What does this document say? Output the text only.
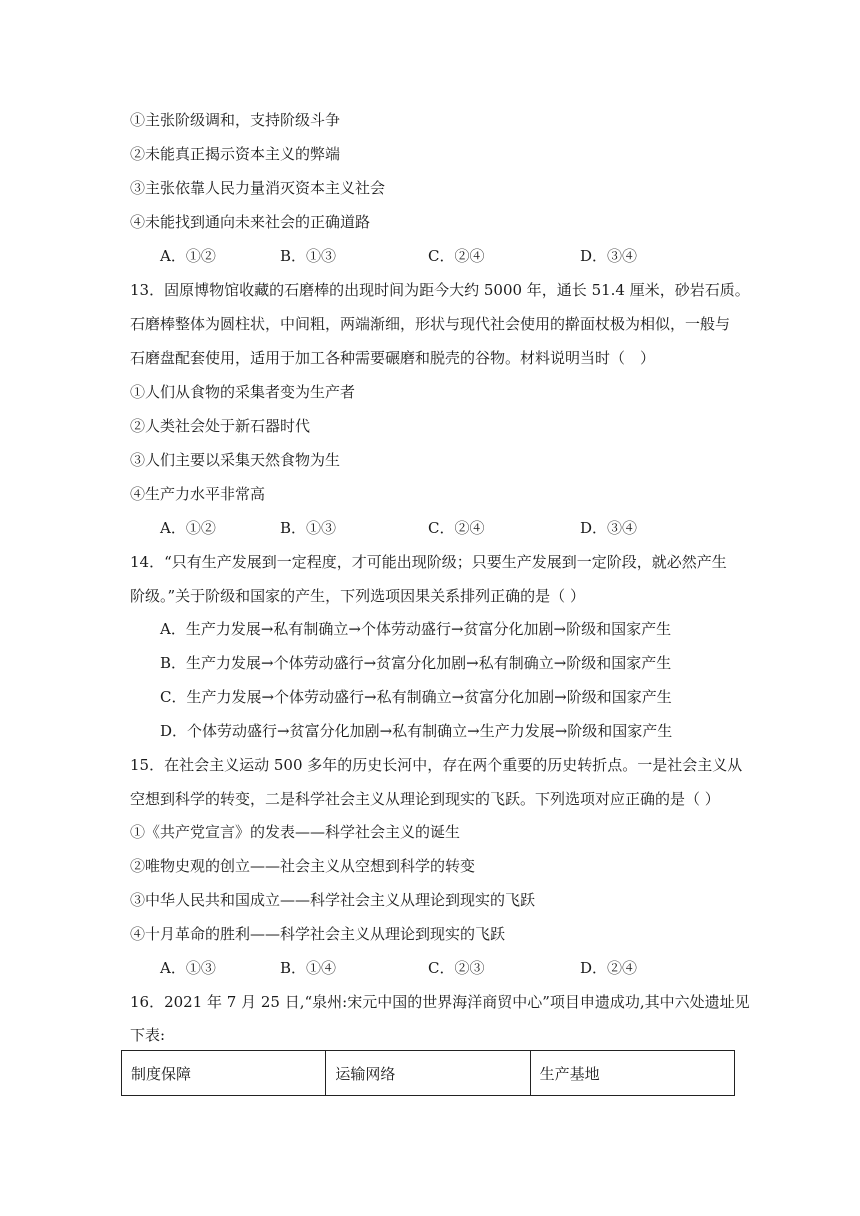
①主张阶级调和，支持阶级斗争
②未能真正揭示资本主义的弊端
③主张依靠人民力量消灭资本主义社会
④未能找到通向未来社会的正确道路
A．①②	B．①③	C．②④	D．③④
13．固原博物馆收藏的石磨棒的出现时间为距今大约 5000 年，通长 51.4 厘米，砂岩石质。
石磨棒整体为圆柱状，中间粗，两端渐细，形状与现代社会使用的擀面杖极为相似，一般与
石磨盘配套使用，适用于加工各种需要碾磨和脱壳的谷物。材料说明当时（　）
①人们从食物的采集者变为生产者
②人类社会处于新石器时代
③人们主要以采集天然食物为生
④生产力水平非常高
A．①②	B．①③	C．②④	D．③④
14．“只有生产发展到一定程度，才可能出现阶级；只要生产发展到一定阶段，就必然产生
阶级。”关于阶级和国家的产生，下列选项因果关系排列正确的是（ ）
A．生产力发展→私有制确立→个体劳动盛行→贫富分化加剧→阶级和国家产生
B．生产力发展→个体劳动盛行→贫富分化加剧→私有制确立→阶级和国家产生
C．生产力发展→个体劳动盛行→私有制确立→贫富分化加剧→阶级和国家产生
D．个体劳动盛行→贫富分化加剧→私有制确立→生产力发展→阶级和国家产生
15．在社会主义运动 500 多年的历史长河中，存在两个重要的历史转折点。一是社会主义从
空想到科学的转变，二是科学社会主义从理论到现实的飞跃。下列选项对应正确的是（ ）
①《共产党宣言》的发表——科学社会主义的诞生
②唯物史观的创立——社会主义从空想到科学的转变
③中华人民共和国成立——科学社会主义从理论到现实的飞跃
④十月革命的胜利——科学社会主义从理论到现实的飞跃
A．①③	B．①④	C．②③	D．②④
16．2021 年 7 月 25 日,“泉州:宋元中国的世界海洋商贸中心”项目申遗成功,其中六处遗址见
下表:
制度保障	运输网络	生产基地
